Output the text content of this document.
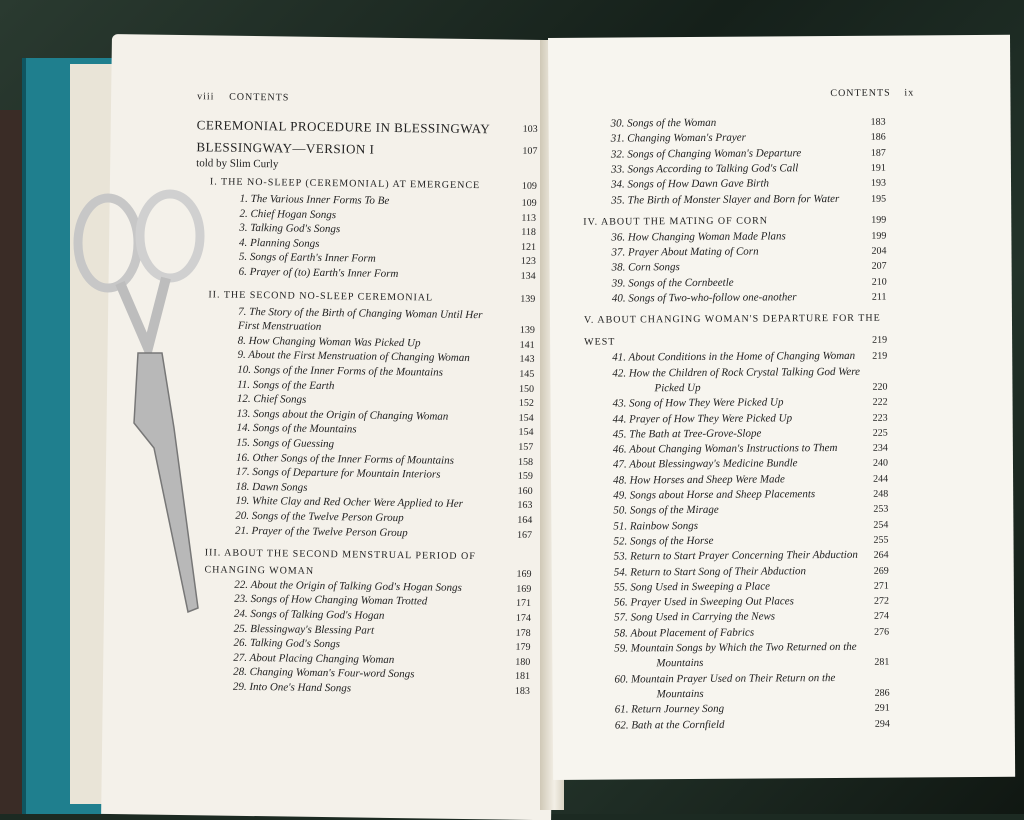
viii CONTENTS
CEREMONIAL PROCEDURE IN BLESSINGWAY	103
BLESSINGWAY—VERSION I	107
told by Slim Curly
I. THE NO-SLEEP (CEREMONIAL) AT EMERGENCE	109
1. The Various Inner Forms To Be	109
2. Chief Hogan Songs	113
3. Talking God's Songs	118
4. Planning Songs	121
5. Songs of Earth's Inner Form	123
6. Prayer of (to) Earth's Inner Form	134
II. THE SECOND NO-SLEEP CEREMONIAL	139
7. The Story of the Birth of Changing Woman Until Her
First Menstruation	139
8. How Changing Woman Was Picked Up	141
9. About the First Menstruation of Changing Woman	143
10. Songs of the Inner Forms of the Mountains	145
11. Songs of the Earth	150
12. Chief Songs	152
13. Songs about the Origin of Changing Woman	154
14. Songs of the Mountains	154
15. Songs of Guessing	157
16. Other Songs of the Inner Forms of Mountains	158
17. Songs of Departure for Mountain Interiors	159
18. Dawn Songs	160
19. White Clay and Red Ocher Were Applied to Her	163
20. Songs of the Twelve Person Group	164
21. Prayer of the Twelve Person Group	167
III. ABOUT THE SECOND MENSTRUAL PERIOD OF
CHANGING WOMAN	169
22. About the Origin of Talking God's Hogan Songs	169
23. Songs of How Changing Woman Trotted	171
24. Songs of Talking God's Hogan	174
25. Blessingway's Blessing Part	178
26. Talking God's Songs	179
27. About Placing Changing Woman	180
28. Changing Woman's Four-word Songs	181
29. Into One's Hand Songs	183
CONTENTS ix
30. Songs of the Woman	183
31. Changing Woman's Prayer	186
32. Songs of Changing Woman's Departure	187
33. Songs According to Talking God's Call	191
34. Songs of How Dawn Gave Birth	193
35. The Birth of Monster Slayer and Born for Water	195
IV. ABOUT THE MATING OF CORN	199
36. How Changing Woman Made Plans	199
37. Prayer About Mating of Corn	204
38. Corn Songs	207
39. Songs of the Cornbeetle	210
40. Songs of Two-who-follow one-another	211
V. ABOUT CHANGING WOMAN'S DEPARTURE FOR THE
WEST	219
41. About Conditions in the Home of Changing Woman 219
42. How the Children of Rock Crystal Talking God Were
Picked Up	220
43. Song of How They Were Picked Up	222
44. Prayer of How They Were Picked Up	223
45. The Bath at Tree-Grove-Slope	225
46. About Changing Woman's Instructions to Them	234
47. About Blessingway's Medicine Bundle	240
48. How Horses and Sheep Were Made	244
49. Songs about Horse and Sheep Placements	248
50. Songs of the Mirage	253
51. Rainbow Songs	254
52. Songs of the Horse	255
53. Return to Start Prayer Concerning Their Abduction 264
54. Return to Start Song of Their Abduction	269
55. Song Used in Sweeping a Place	271
56. Prayer Used in Sweeping Out Places	272
57. Song Used in Carrying the News	274
58. About Placement of Fabrics	276
59. Mountain Songs by Which the Two Returned on the
Mountains	281
60. Mountain Prayer Used on Their Return on the
Mountains	286
61. Return Journey Song	291
62. Bath at the Cornfield	294
